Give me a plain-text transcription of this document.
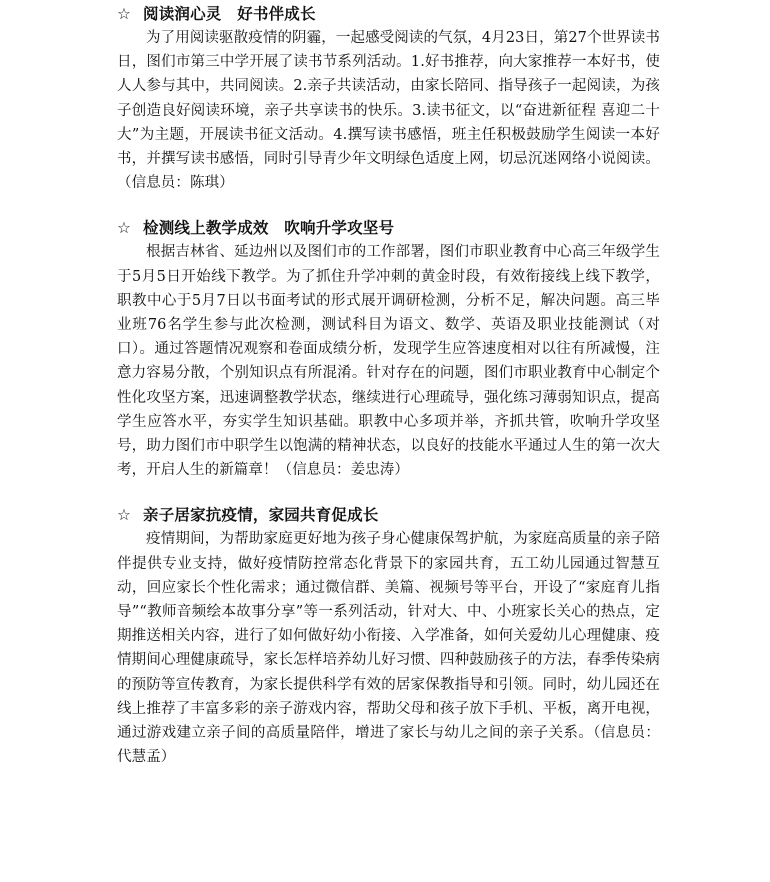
☆ 阅读润心灵　好书伴成长

为了用阅读驱散疫情的阴霾，一起感受阅读的气氛，4月23日，第27个世界读书日，图们市第三中学开展了读书节系列活动。1.好书推荐，向大家推荐一本好书，使人人参与其中，共同阅读。2.亲子共读活动，由家长陪同、指导孩子一起阅读，为孩子创造良好阅读环境，亲子共享读书的快乐。3.读书征文，以“奋进新征程 喜迎二十大”为主题，开展读书征文活动。4.撰写读书感悟，班主任积极鼓励学生阅读一本好书，并撰写读书感悟，同时引导青少年文明绿色适度上网，切忌沉迷网络小说阅读。（信息员：陈琪）

☆ 检测线上教学成效　吹响升学攻坚号

根据吉林省、延边州以及图们市的工作部署，图们市职业教育中心高三年级学生于5月5日开始线下教学。为了抓住升学冲刺的黄金时段，有效衔接线上线下教学，职教中心于5月7日以书面考试的形式展开调研检测，分析不足，解决问题。高三毕业班76名学生参与此次检测，测试科目为语文、数学、英语及职业技能测试（对口）。通过答题情况观察和卷面成绩分析，发现学生应答速度相对以往有所减慢，注意力容易分散，个别知识点有所混淆。针对存在的问题，图们市职业教育中心制定个性化攻坚方案，迅速调整教学状态，继续进行心理疏导，强化练习薄弱知识点，提高学生应答水平，夯实学生知识基础。职教中心多项并举，齐抓共管，吹响升学攻坚号，助力图们市中职学生以饱满的精神状态，以良好的技能水平通过人生的第一次大考，开启人生的新篇章！（信息员：姜忠涛）

☆ 亲子居家抗疫情，家园共育促成长

疫情期间，为帮助家庭更好地为孩子身心健康保驾护航，为家庭高质量的亲子陪伴提供专业支持，做好疫情防控常态化背景下的家园共育，五工幼儿园通过智慧互动，回应家长个性化需求；通过微信群、美篇、视频号等平台，开设了“家庭育儿指导”“教师音频绘本故事分享”等一系列活动，针对大、中、小班家长关心的热点，定期推送相关内容，进行了如何做好幼小衔接、入学准备，如何关爱幼儿心理健康、疫情期间心理健康疏导，家长怎样培养幼儿好习惯、四种鼓励孩子的方法，春季传染病的预防等宣传教育，为家长提供科学有效的居家保教指导和引领。同时，幼儿园还在线上推荐了丰富多彩的亲子游戏内容，帮助父母和孩子放下手机、平板，离开电视，通过游戏建立亲子间的高质量陪伴，增进了家长与幼儿之间的亲子关系。（信息员：代慧孟）
